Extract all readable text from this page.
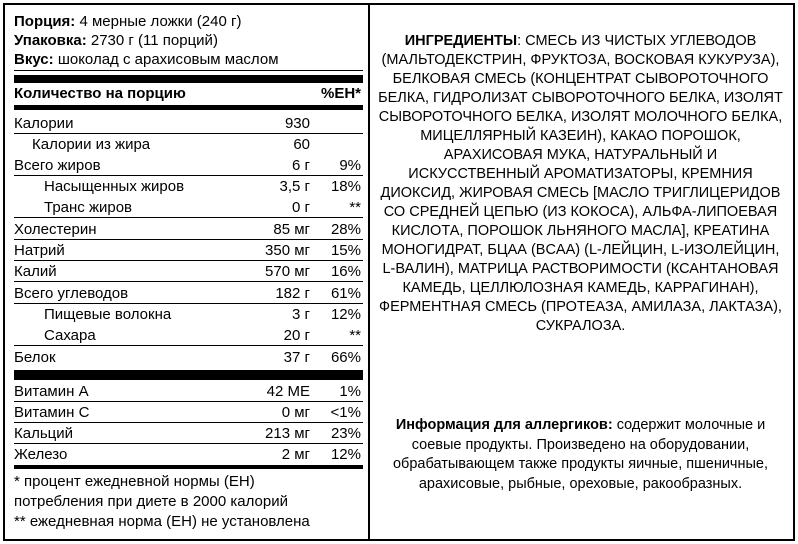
Порция: 4 мерные ложки (240 г)
Упаковка: 2730 г (11 порций)
Вкус: шоколад с арахисовым маслом
Количество на порцию	%ЕН*
Калории	930
Калории из жира	60
Всего жиров	6 г 9%
Насыщенных жиров	3,5 г 18%
Транс жиров	0 г	**
Холестерин	85 мг 28%
Натрий	350 мг 15%
Калий	570 мг 16%
Всего углеводов	182 г 61%
Пищевые волокна	3 г 12%
Сахара	20 г	**
Белок	37 г 66%
Витамин А	42 МЕ 1%
Витамин С	0 мг <1%
Кальций	213 мг 23%
Железо	2 мг 12%
* процент ежедневной нормы (ЕН)
потребления при диете в 2000 калорий
** ежедневная норма (ЕН) не установлена
ИНГРЕДИЕНТЫ: СМЕСЬ ИЗ ЧИСТЫХ УГЛЕВОДОВ (МАЛЬТОДЕКСТРИН, ФРУКТОЗА, ВОСКОВАЯ КУКУРУЗА), БЕЛКОВАЯ СМЕСЬ (КОНЦЕНТРАТ СЫВОРОТОЧНОГО БЕЛКА, ГИДРОЛИЗАТ СЫВОРОТОЧНОГО БЕЛКА, ИЗОЛЯТ СЫВОРОТОЧНОГО БЕЛКА, ИЗОЛЯТ МОЛОЧНОГО БЕЛКА, МИЦЕЛЛЯРНЫЙ КАЗЕИН), КАКАО ПОРОШОК, АРАХИСОВАЯ МУКА, НАТУРАЛЬНЫЙ И ИСКУССТВЕННЫЙ АРОМАТИЗАТОРЫ, КРЕМНИЯ ДИОКСИД, ЖИРОВАЯ СМЕСЬ [МАСЛО ТРИГЛИЦЕРИДОВ СО СРЕДНЕЙ ЦЕПЬЮ (ИЗ КОКОСА), АЛЬФА-ЛИПОЕВАЯ КИСЛОТА, ПОРОШОК ЛЬНЯНОГО МАСЛА], КРЕАТИНА МОНОГИДРАТ, БЦАА (BCAA) (L-ЛЕЙЦИН, L-ИЗОЛЕЙЦИН, L-ВАЛИН), МАТРИЦА РАСТВОРИМОСТИ (КСАНТАНОВАЯ КАМЕДЬ, ЦЕЛЛЮЛОЗНАЯ КАМЕДЬ, КАРРАГИНАН), ФЕРМЕНТНАЯ СМЕСЬ (ПРОТЕАЗА, АМИЛАЗА, ЛАКТАЗА), СУКРАЛОЗА.
Информация для аллергиков: содержит молочные и соевые продукты. Произведено на оборудовании, обрабатывающем также продукты яичные, пшеничные, арахисовые, рыбные, ореховые, ракообразных.
